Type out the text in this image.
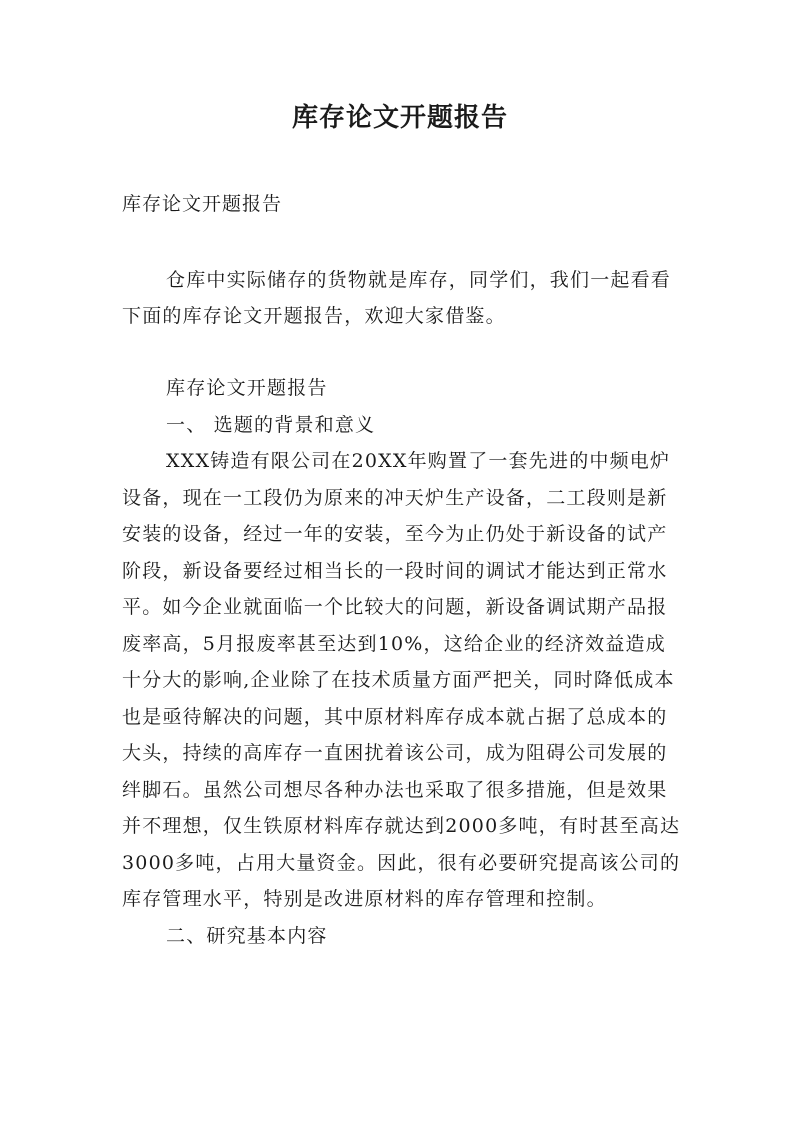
库存论文开题报告
库存论文开题报告
仓库中实际储存的货物就是库存，同学们，我们一起看看下面的库存论文开题报告，欢迎大家借鉴。
库存论文开题报告
一、 选题的背景和意义
XXX铸造有限公司在20XX年购置了一套先进的中频电炉设备，现在一工段仍为原来的冲天炉生产设备，二工段则是新安装的设备，经过一年的安装，至今为止仍处于新设备的试产阶段，新设备要经过相当长的一段时间的调试才能达到正常水平。如今企业就面临一个比较大的问题，新设备调试期产品报废率高，5月报废率甚至达到10%，这给企业的经济效益造成十分大的影响,企业除了在技术质量方面严把关，同时降低成本也是亟待解决的问题，其中原材料库存成本就占据了总成本的大头，持续的高库存一直困扰着该公司，成为阻碍公司发展的绊脚石。虽然公司想尽各种办法也采取了很多措施，但是效果并不理想，仅生铁原材料库存就达到2000多吨，有时甚至高达3000多吨，占用大量资金。因此，很有必要研究提高该公司的库存管理水平，特别是改进原材料的库存管理和控制。
二、研究基本内容
